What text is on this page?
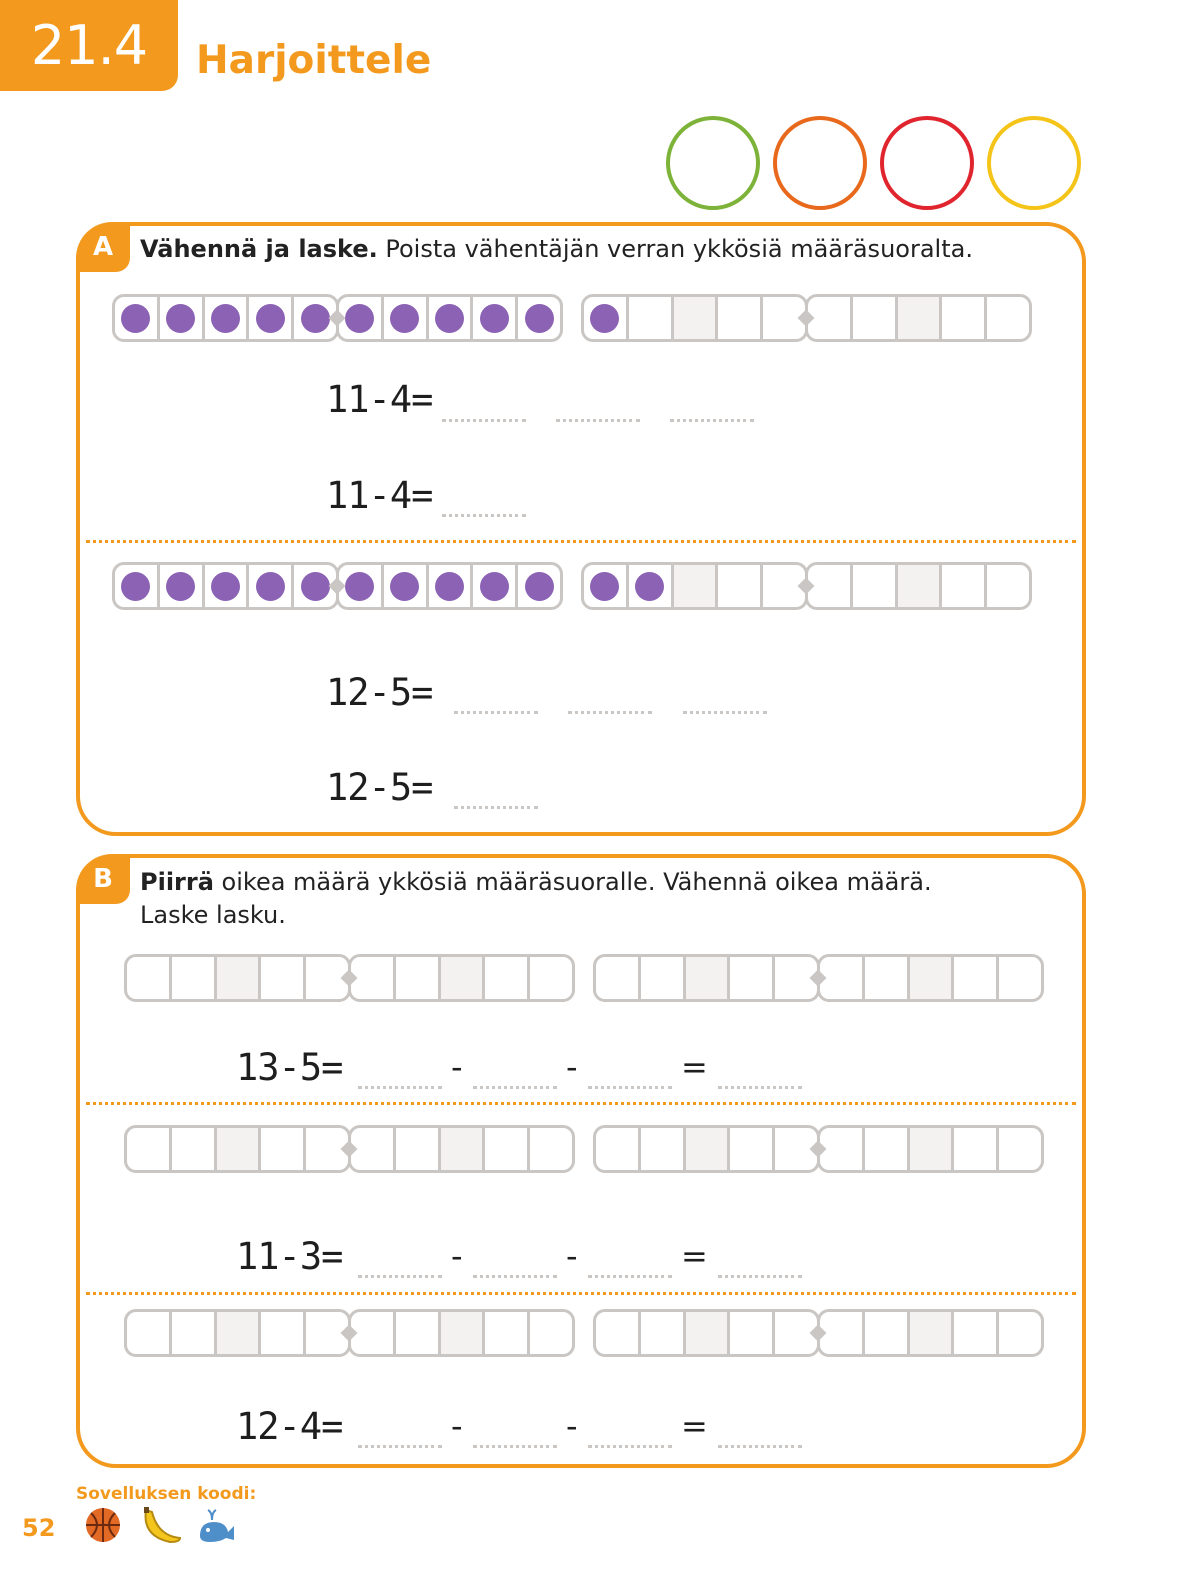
21.4	Harjoittele
A	Vähennä ja laske. Poista vähentäjän verran ykkösiä määräsuoralta.
11-4=
11-4=
12-5=
12-5=
B	Piirrä oikea määrä ykkösiä määräsuoralle. Vähennä oikea määrä.
Laske lasku.
13-5=	-	-	=
11-3=	-	-	=
12-4=	-	-	=
Sovelluksen koodi:
52
